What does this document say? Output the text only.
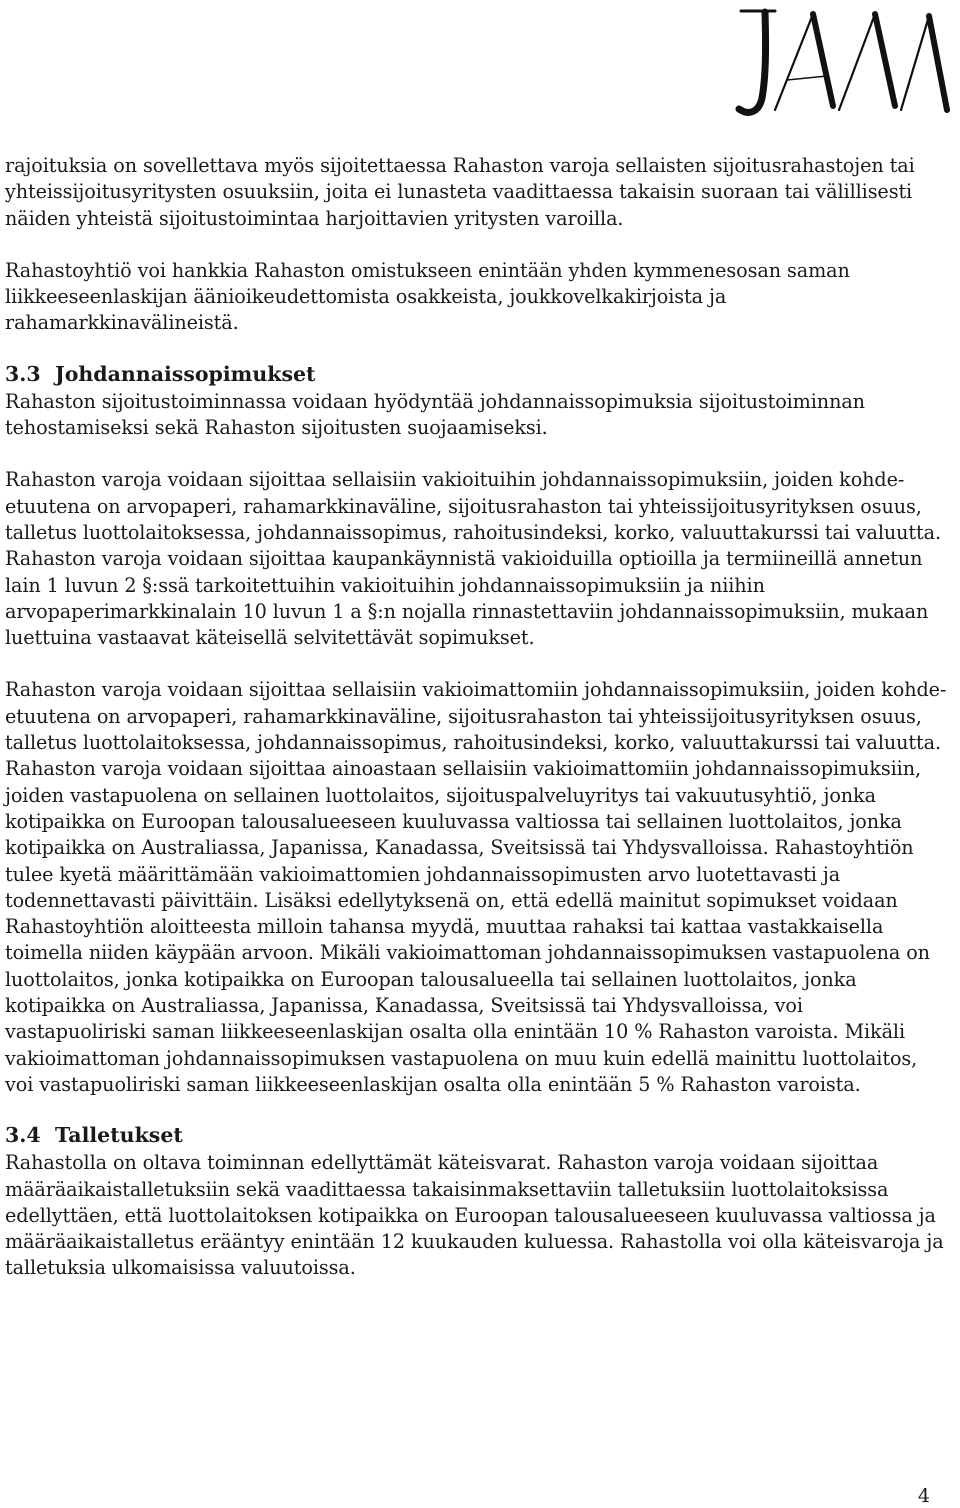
rajoituksia on sovellettava myös sijoitettaessa Rahaston varoja sellaisten sijoitusrahastojen tai yhteissijoitusyritysten osuuksiin, joita ei lunasteta vaadittaessa takaisin suoraan tai välillisesti näiden yhteistä sijoitustoimintaa harjoittavien yritysten varoilla.

Rahastoyhtiö voi hankkia Rahaston omistukseen enintään yhden kymmenesosan saman liikkeeseenlaskijan äänioikeudettomista osakkeista, joukkovelkakirjoista ja rahamarkkinavälineistä.

3.3 Johdannaissopimukset

Rahaston sijoitustoiminnassa voidaan hyödyntää johdannaissopimuksia sijoitustoiminnan tehostamiseksi sekä Rahaston sijoitusten suojaamiseksi.

Rahaston varoja voidaan sijoittaa sellaisiin vakioituihin johdannaissopimuksiin, joiden kohde-etuutena on arvopaperi, rahamarkkinaväline, sijoitusrahaston tai yhteissijoitusyrityksen osuus, talletus luottolaitoksessa, johdannaissopimus, rahoitusindeksi, korko, valuuttakurssi tai valuutta. Rahaston varoja voidaan sijoittaa kaupankäynnistä vakioiduilla optioilla ja termiineillä annetun lain 1 luvun 2 §:ssä tarkoitettuihin vakioituihin johdannaissopimuksiin ja niihin arvopaperimarkkinalain 10 luvun 1 a §:n nojalla rinnastettaviin johdannaissopimuksiin, mukaan luettuina vastaavat käteisellä selvitettävät sopimukset.

Rahaston varoja voidaan sijoittaa sellaisiin vakioimattomiin johdannaissopimuksiin, joiden kohde-etuutena on arvopaperi, rahamarkkinaväline, sijoitusrahaston tai yhteissijoitusyrityksen osuus, talletus luottolaitoksessa, johdannaissopimus, rahoitusindeksi, korko, valuuttakurssi tai valuutta. Rahaston varoja voidaan sijoittaa ainoastaan sellaisiin vakioimattomiin johdannaissopimuksiin, joiden vastapuolena on sellainen luottolaitos, sijoituspalveluyritys tai vakuutusyhtiö, jonka kotipaikka on Euroopan talousalueeseen kuuluvassa valtiossa tai sellainen luottolaitos, jonka kotipaikka on Australiassa, Japanissa, Kanadassa, Sveitsissä tai Yhdysvalloissa. Rahastoyhtiön tulee kyetä määrittämään vakioimattomien johdannaissopimusten arvo luotettavasti ja todennettavasti päivittäin. Lisäksi edellytyksenä on, että edellä mainitut sopimukset voidaan Rahastoyhtiön aloitteesta milloin tahansa myydä, muuttaa rahaksi tai kattaa vastakkaisella toimella niiden käypään arvoon. Mikäli vakioimattoman johdannaissopimuksen vastapuolena on luottolaitos, jonka kotipaikka on Euroopan talousalueella tai sellainen luottolaitos, jonka kotipaikka on Australiassa, Japanissa, Kanadassa, Sveitsissä tai Yhdysvalloissa, voi vastapuoliriski saman liikkeeseenlaskijan osalta olla enintään 10 % Rahaston varoista. Mikäli vakioimattoman johdannaissopimuksen vastapuolena on muu kuin edellä mainittu luottolaitos, voi vastapuoliriski saman liikkeeseenlaskijan osalta olla enintään 5 % Rahaston varoista.

3.4 Talletukset

Rahastolla on oltava toiminnan edellyttämät käteisvarat. Rahaston varoja voidaan sijoittaa määräaikaistalletuksiin sekä vaadittaessa takaisinmaksettaviin talletuksiin luottolaitoksissa edellyttäen, että luottolaitoksen kotipaikka on Euroopan talousalueeseen kuuluvassa valtiossa ja määräaikaistalletus erääntyy enintään 12 kuukauden kuluessa. Rahastolla voi olla käteisvaroja ja talletuksia ulkomaisissa valuutoissa.

4
